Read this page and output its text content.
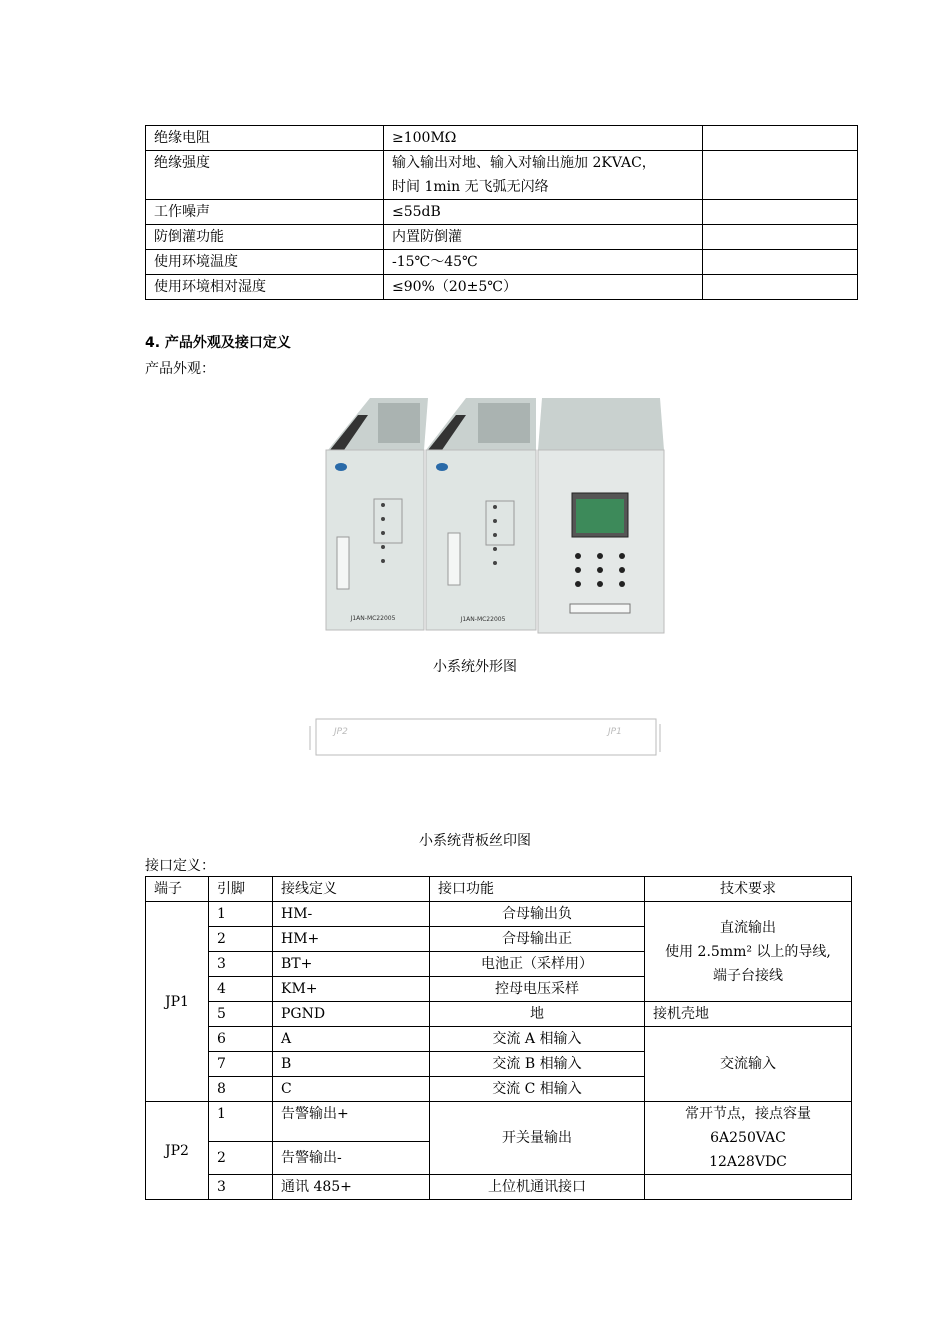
绝缘电阻	≥100MΩ	
绝缘强度	输入输出对地、输入对输出施加 2KVAC，
时间 1min 无飞弧无闪络	

工作噪声	≤55dB	
防倒灌功能	内置防倒灌	
使用环境温度	-15℃～45℃	
使用环境相对湿度	≤90%（20±5℃）	
4. 产品外观及接口定义
产品外观：
J1AN-MC22005	J1AN-MC22005
小系统外形图
JP2	JP1
小系统背板丝印图
接口定义：
端子	引脚	接线定义	接口功能	技术要求
JP1	1	HM-	合母输出负	直流输出
使用 2.5mm² 以上的导线,
端子台接线

	2	HM+	合母输出正	
	3	BT+	电池正（采样用）	
	4	KM+	控母电压采样	
	5	PGND	地	接机壳地
	6	A	交流 A 相输入	交流输入
	7	B	交流 B 相输入	
	8	C	交流 C 相输入	
JP2	1	告警输出+	开关量输出	常开节点，接点容量
6A250VAC
12A28VDC

	2	告警输出-		
	3	通讯 485+	上位机通讯接口	
